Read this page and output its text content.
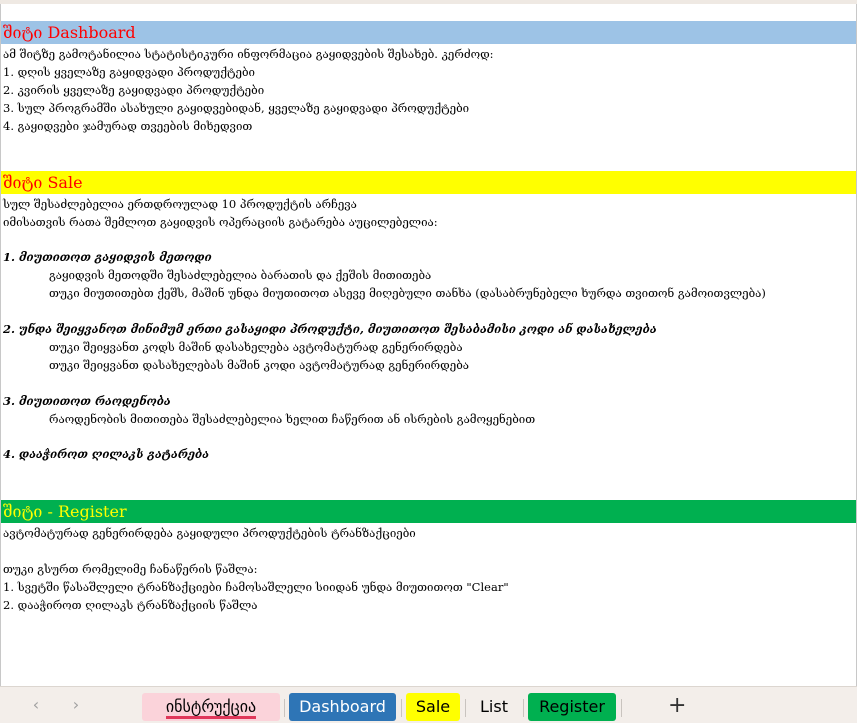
შიტი Dashboard
ამ შიტზე გამოტანილია სტატისტიკური ინფორმაცია გაყიდვების შესახებ. კერძოდ:
1. დღის ყველაზე გაყიდვადი პროდუქტები
2. კვირის ყველაზე გაყიდვადი პროდუქტები
3. სულ პროგრამში ასახული გაყიდვებიდან, ყველაზე გაყიდვადი პროდუქტები
4. გაყიდვები ჯამურად თვეების მიხედვით
შიტი Sale
სულ შესაძლებელია ერთდროულად 10 პროდუქტის არჩევა
იმისათვის რათა შემლოთ გაყიდვის ოპერაციის გატარება აუცილებელია:
1. მიუთითოთ გაყიდვის მეთოდი
გაყიდვის მეთოდში შესაძლებელია ბარათის და ქეშის მითითება
თუკი მიუთითებთ ქეშს, მაშინ უნდა მიუთითოთ ასევე მიღებული თანხა (დასაბრუნებელი ხურდა თვითონ გამოითვლება)
2. უნდა შეიყვანოთ მინიმუმ ერთი გასაყიდი პროდუქტი, მიუთითოთ შესაბამისი კოდი ან დასახელება
თუკი შეიყვანთ კოდს მაშინ დასახელება ავტომატურად გენერირდება
თუკი შეიყვანთ დასახელებას მაშინ კოდი ავტომატურად გენერირდება
3. მიუთითოთ რაოდენობა
რაოდენობის მითითება შესაძლებელია ხელით ჩაწერით ან ისრების გამოყენებით
4. დააჭიროთ ღილაკს გატარება
შიტი - Register
ავტომატურად გენერირდება გაყიდული პროდუქტების ტრანზაქციები
თუკი გსურთ რომელიმე ჩანაწერის წაშლა:
1. სვეტში წასაშლელი ტრანზაქციები ჩამოსაშლელი სიიდან უნდა მიუთითოთ "Clear"
2. დააჭიროთ ღილაკს ტრანზაქციის წაშლა
‹	›	ინსტრუქცია	Dashboard	Sale	List	Register	+
